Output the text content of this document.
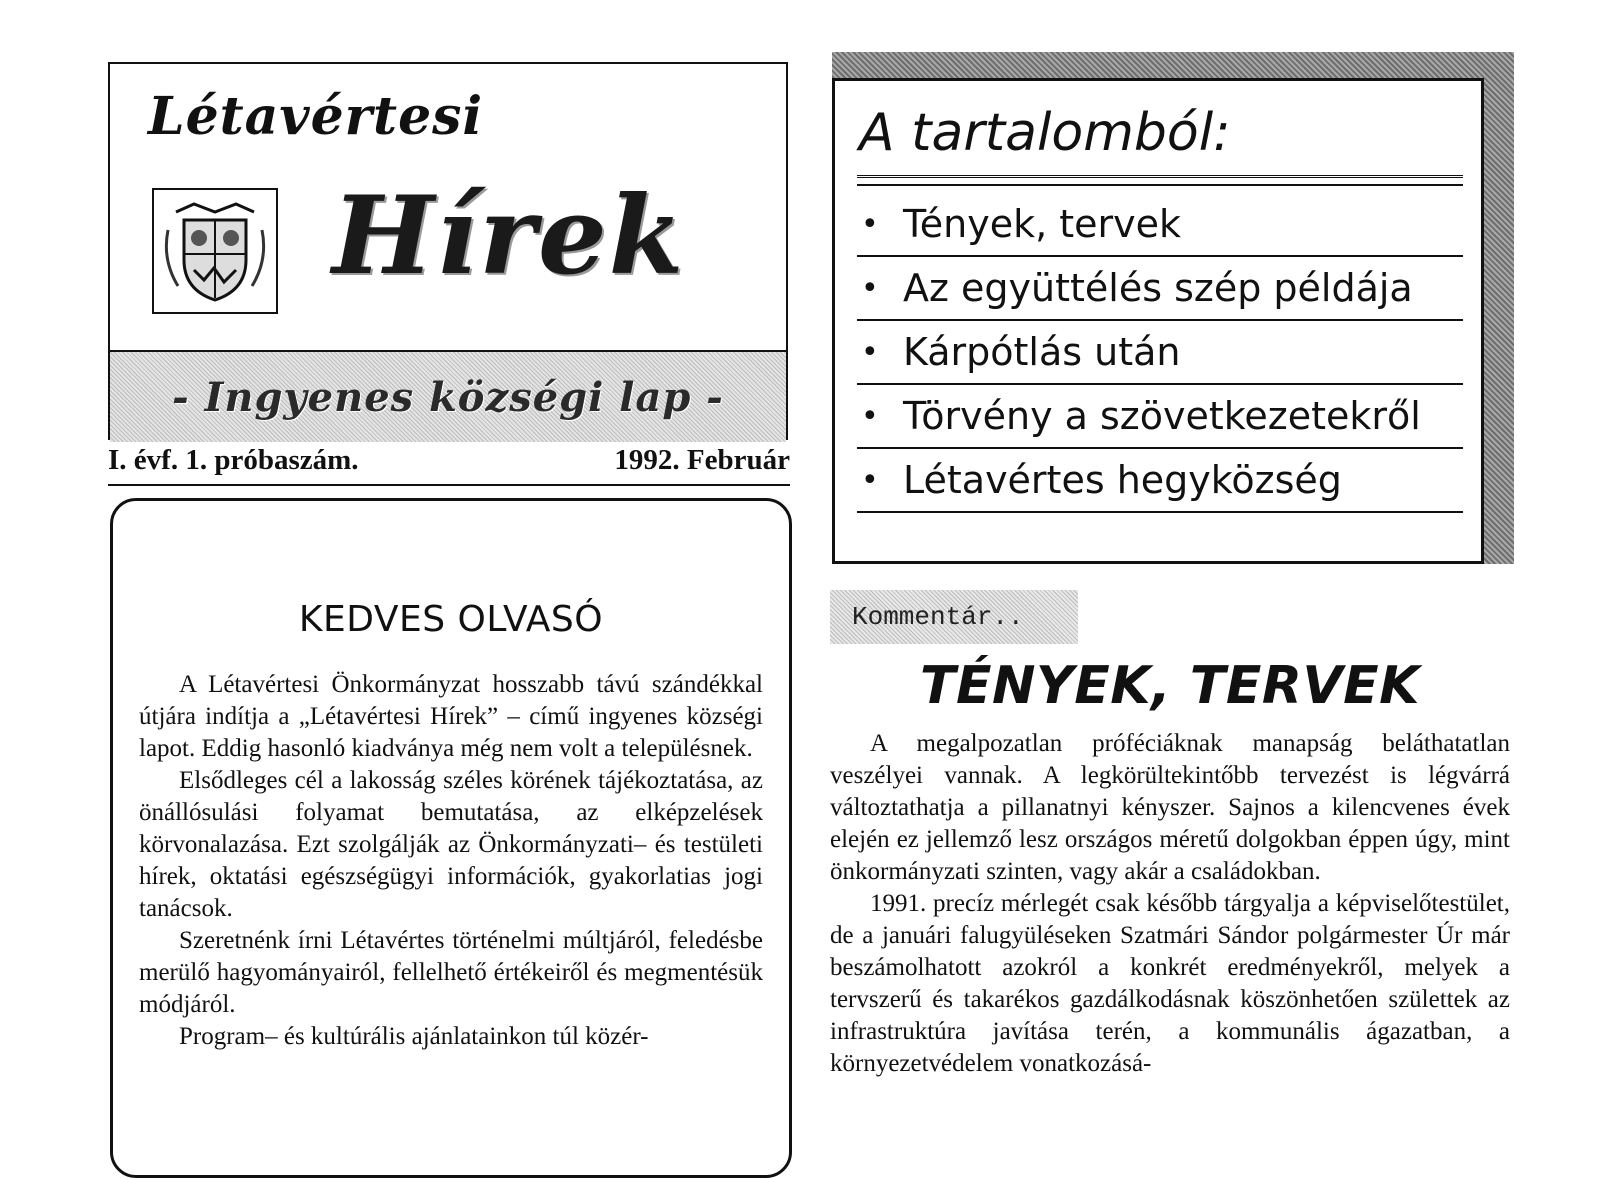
Létavértesi
Hírek
- Ingyenes községi lap -
I. évf. 1. próbaszám.	1992. Február
A tartalomból:
• Tények, tervek
• Az együttélés szép példája
• Kárpótlás után
• Törvény a szövetkezetekről
• Létavértes hegyközség
KEDVES OLVASÓ

A Létavértesi Önkormányzat hosszabb távú szándékkal útjára indítja a „Létavértesi Hírek” – című ingyenes községi lapot. Eddig hasonló kiadványa még nem volt a településnek.

Elsődleges cél a lakosság széles körének tájékoztatása, az önállósulási folyamat bemutatása, az elképzelések körvonalazása. Ezt szolgálják az Önkormányzati– és testületi hírek, oktatási egészségügyi információk, gyakorlatias jogi tanácsok.

Szeretnénk írni Létavértes történelmi múltjáról, feledésbe merülő hagyományairól, fellelhető értékeiről és megmentésük módjáról.

Program– és kultúrális ajánlatainkon túl közér-

Kommentár..
TÉNYEK, TERVEK

A megalpozatlan próféciáknak manapság beláthatatlan veszélyei vannak. A legkörültekintőbb tervezést is légvárrá változtathatja a pillanatnyi kényszer. Sajnos a kilencvenes évek elején ez jellemző lesz országos méretű dolgokban éppen úgy, mint önkormányzati szinten, vagy akár a családokban.

1991. precíz mérlegét csak később tárgyalja a képviselőtestület, de a januári falugyüléseken Szatmári Sándor polgármester Úr már beszámolhatott azokról a konkrét eredményekről, melyek a tervszerű és takarékos gazdálkodásnak köszönhetően születtek az infrastruktúra javítása terén, a kommunális ágazatban, a környezetvédelem vonatkozásá-
